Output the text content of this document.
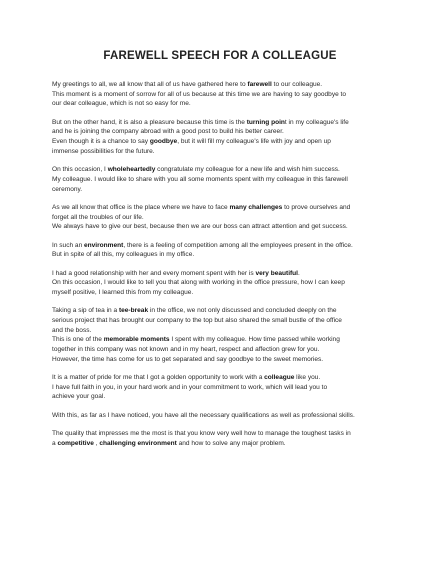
FAREWELL SPEECH FOR A COLLEAGUE
My greetings to all, we all know that all of us have gathered here to farewell to our colleague.
This moment is a moment of sorrow for all of us because at this time we are having to say goodbye to
our dear colleague, which is not so easy for me.
But on the other hand, it is also a pleasure because this time is the turning point in my colleague's life
and he is joining the company abroad with a good post to build his better career.
Even though it is a chance to say goodbye, but it will fill my colleague's life with joy and open up
immense possibilities for the future.
On this occasion, I wholeheartedly congratulate my colleague for a new life and wish him success.
My colleague. I would like to share with you all some moments spent with my colleague in this farewell
ceremony.
As we all know that office is the place where we have to face many challenges to prove ourselves and
forget all the troubles of our life.
We always have to give our best, because then we are our boss can attract attention and get success.
In such an environment, there is a feeling of competition among all the employees present in the office.
But in spite of all this, my colleagues in my office.
I had a good relationship with her and every moment spent with her is very beautiful.
On this occasion, I would like to tell you that along with working in the office pressure, how I can keep
myself positive, I learned this from my colleague.
Taking a sip of tea in a tee-break in the office, we not only discussed and concluded deeply on the
serious project that has brought our company to the top but also shared the small bustle of the office
and the boss.
This is one of the memorable moments I spent with my colleague. How time passed while working
together in this company was not known and in my heart, respect and affection grew for you.
However, the time has come for us to get separated and say goodbye to the sweet memories.
It is a matter of pride for me that I got a golden opportunity to work with a colleague like you.
I have full faith in you, in your hard work and in your commitment to work, which will lead you to
achieve your goal.
With this, as far as I have noticed, you have all the necessary qualifications as well as professional skills.
The quality that impresses me the most is that you know very well how to manage the toughest tasks in
a competitive , challenging environment and how to solve any major problem.
